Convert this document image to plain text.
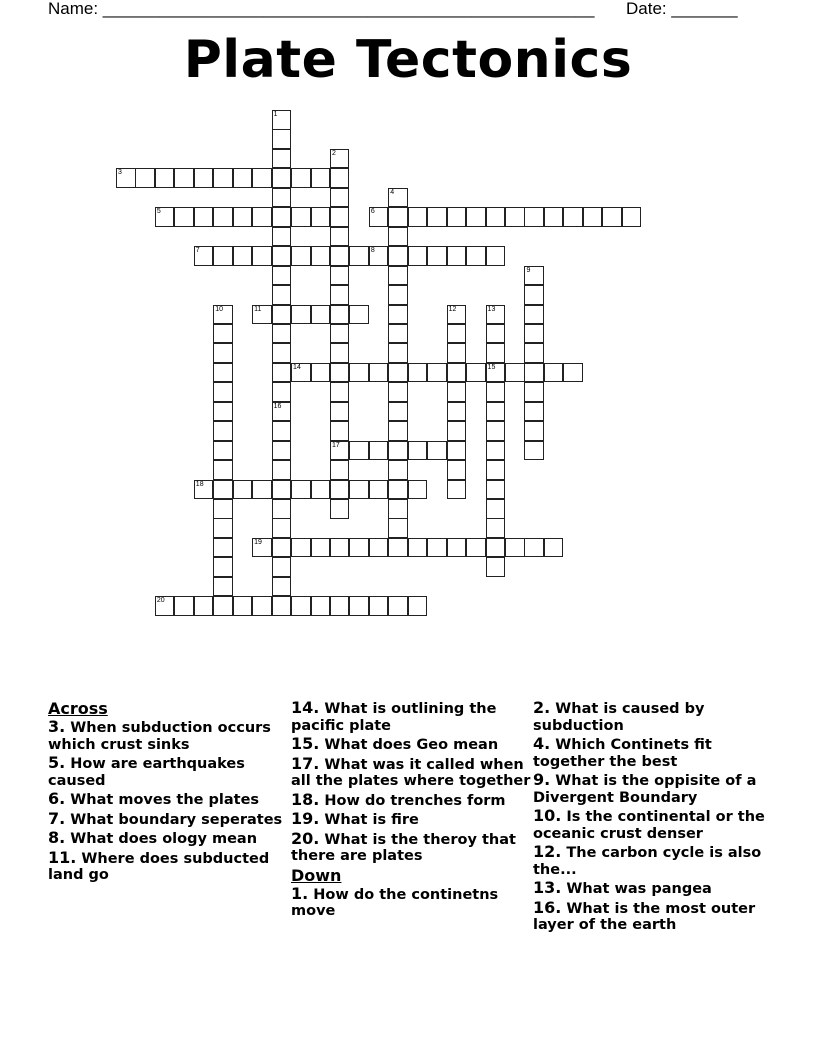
Name: ____________________________________________________ Date: _______
Plate Tectonics
1
16
2
17
3
4
5	6
7	8
9
10	11	12	13
15
14
18
19
20
Across
3. When subduction occurs which crust sinks
5. How are earthquakes caused
6. What moves the plates
7. What boundary seperates
8. What does ology mean
11. Where does subducted land go
14. What is outlining the pacific plate
15. What does Geo mean
17. What was it called when all the plates where together
18. How do trenches form
19. What is fire
20. What is the theroy that there are plates
Down
1. How do the continetns move
2. What is caused by subduction
4. Which Continets fit together the best
9. What is the oppisite of a Divergent Boundary
10. Is the continental or the oceanic crust denser
12. The carbon cycle is also the...
13. What was pangea
16. What is the most outer layer of the earth
